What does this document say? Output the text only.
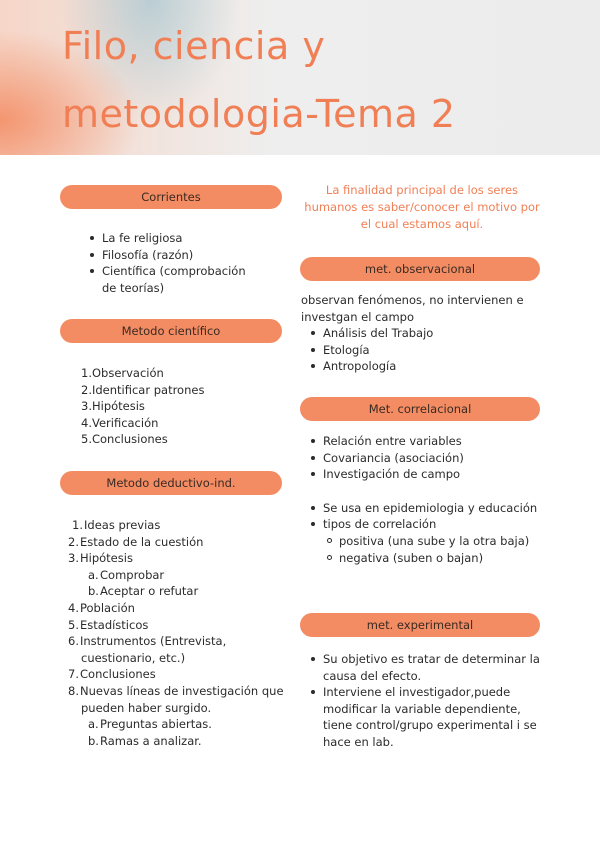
Filo, ciencia y
metodologia-Tema 2
Corrientes
La fe religiosa
Filosofía (razón)
Científica (comprobación
de teorías)
Metodo científico
1.Observación
2.Identificar patrones
3.Hipótesis
4.Verificación
5.Conclusiones
Metodo deductivo-ind.
1.Ideas previas
2.Estado de la cuestión
3.Hipótesis
a.Comprobar
b.Aceptar o refutar
4.Población
5.Estadísticos
6.Instrumentos (Entrevista,
cuestionario, etc.)
7.Conclusiones
8.Nuevas líneas de investigación que
pueden haber surgido.
a.Preguntas abiertas.
b.Ramas a analizar.
La finalidad principal de los seres humanos es saber/conocer el motivo por el cual estamos aquí.
met. observacional
observan fenómenos, no intervienen e investgan el campo
Análisis del Trabajo
Etología
Antropología
Met. correlacional
Relación entre variables
Covariancia (asociación)
Investigación de campo
Se usa en epidemiologia y educación
tipos de correlación
positiva (una sube y la otra baja)
negativa (suben o bajan)
met. experimental
Su objetivo es tratar de determinar la causa del efecto.
Interviene el investigador,puede modificar la variable dependiente, tiene control/grupo experimental i se hace en lab.
